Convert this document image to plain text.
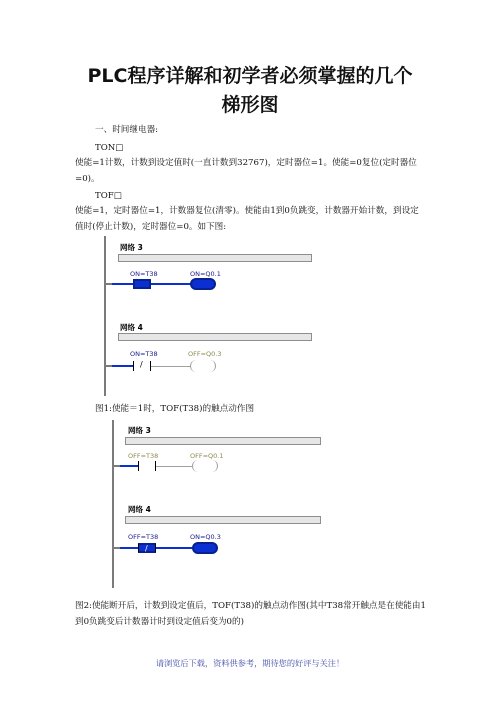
PLC程序详解和初学者必须掌握的几个
梯形图
一、时间继电器:
TON□
使能=1计数，计数到设定值时(一直计数到32767)，定时器位=1。使能=0复位(定时器位=0)。
TOF□
使能=1，定时器位=1，计数器复位(清零)。使能由1到0负跳变，计数器开始计数，到设定值时(停止计数)，定时器位=0。如下图:
网络 3
ON=T38	ON=Q0.1
网络 4
ON=T38	OFF=Q0.3
/
图1:使能＝1时，TOF(T38)的触点动作图
网络 3
OFF=T38	OFF=Q0.1
网络 4
OFF=T38	ON=Q0.3
/
图2:使能断开后，计数到设定值后，TOF(T38)的触点动作图(其中T38常开触点是在使能由1到0负跳变后计数器计时到设定值后变为0的)
请浏览后下载，资料供参考，期待您的好评与关注！
